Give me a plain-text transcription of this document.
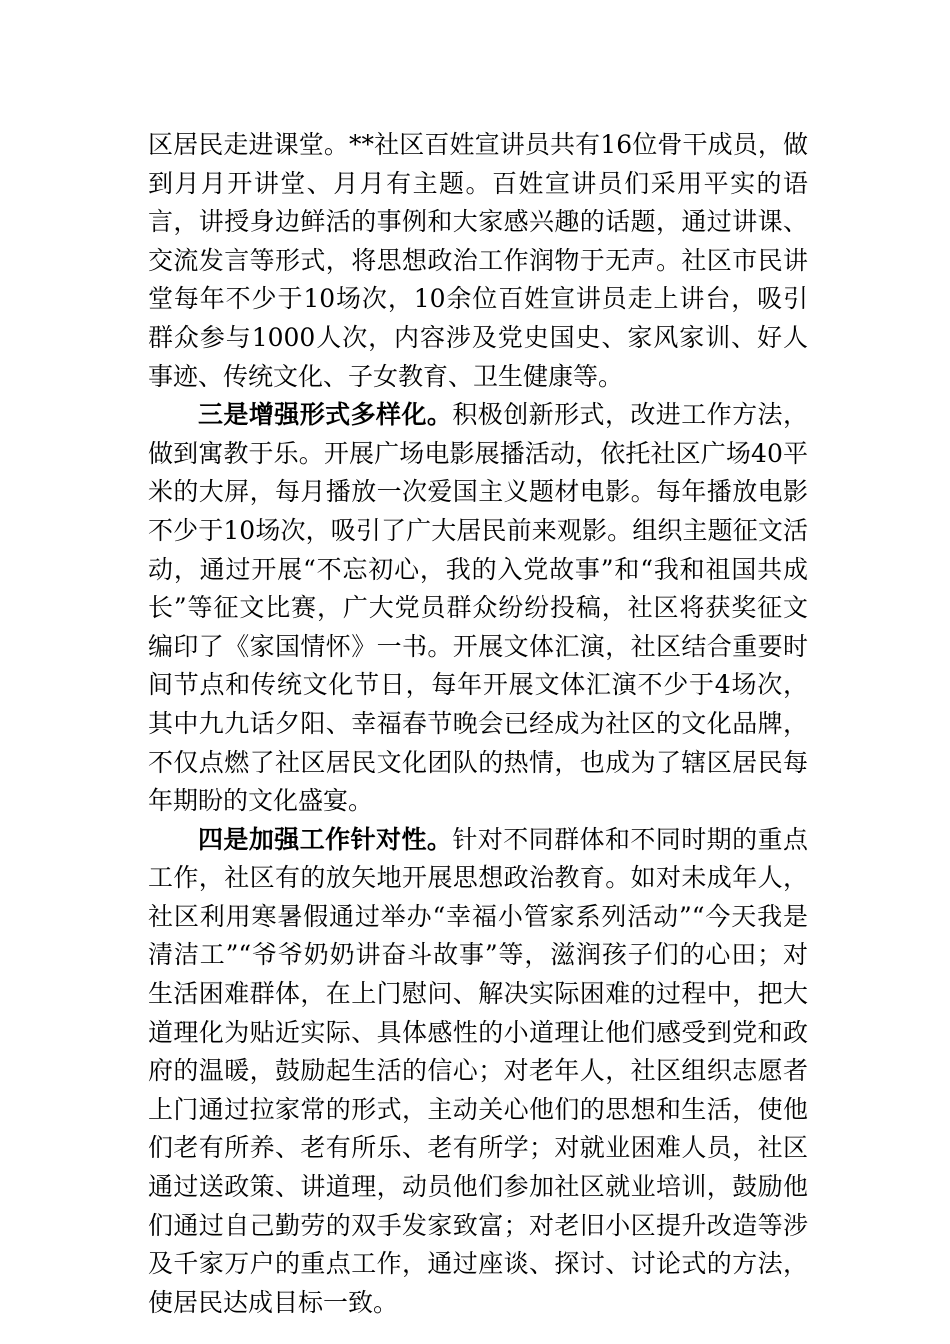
区居民走进课堂。**社区百姓宣讲员共有16位骨干成员，做到月月开讲堂、月月有主题。百姓宣讲员们采用平实的语言，讲授身边鲜活的事例和大家感兴趣的话题，通过讲课、交流发言等形式，将思想政治工作润物于无声。社区市民讲堂每年不少于10场次，10余位百姓宣讲员走上讲台，吸引群众参与1000人次，内容涉及党史国史、家风家训、好人事迹、传统文化、子女教育、卫生健康等。

三是增强形式多样化。积极创新形式，改进工作方法，做到寓教于乐。开展广场电影展播活动，依托社区广场40平米的大屏，每月播放一次爱国主义题材电影。每年播放电影不少于10场次，吸引了广大居民前来观影。组织主题征文活动，通过开展“不忘初心，我的入党故事”和“我和祖国共成长”等征文比赛，广大党员群众纷纷投稿，社区将获奖征文编印了《家国情怀》一书。开展文体汇演，社区结合重要时间节点和传统文化节日，每年开展文体汇演不少于4场次，其中九九话夕阳、幸福春节晚会已经成为社区的文化品牌，不仅点燃了社区居民文化团队的热情，也成为了辖区居民每年期盼的文化盛宴。

四是加强工作针对性。针对不同群体和不同时期的重点工作，社区有的放矢地开展思想政治教育。如对未成年人，社区利用寒暑假通过举办“幸福小管家系列活动”“今天我是清洁工”“爷爷奶奶讲奋斗故事”等，滋润孩子们的心田；对生活困难群体，在上门慰问、解决实际困难的过程中，把大道理化为贴近实际、具体感性的小道理让他们感受到党和政府的温暖，鼓励起生活的信心；对老年人，社区组织志愿者上门通过拉家常的形式，主动关心他们的思想和生活，使他们老有所养、老有所乐、老有所学；对就业困难人员，社区通过送政策、讲道理，动员他们参加社区就业培训，鼓励他们通过自己勤劳的双手发家致富；对老旧小区提升改造等涉及千家万户的重点工作，通过座谈、探讨、讨论式的方法，使居民达成目标一致。
